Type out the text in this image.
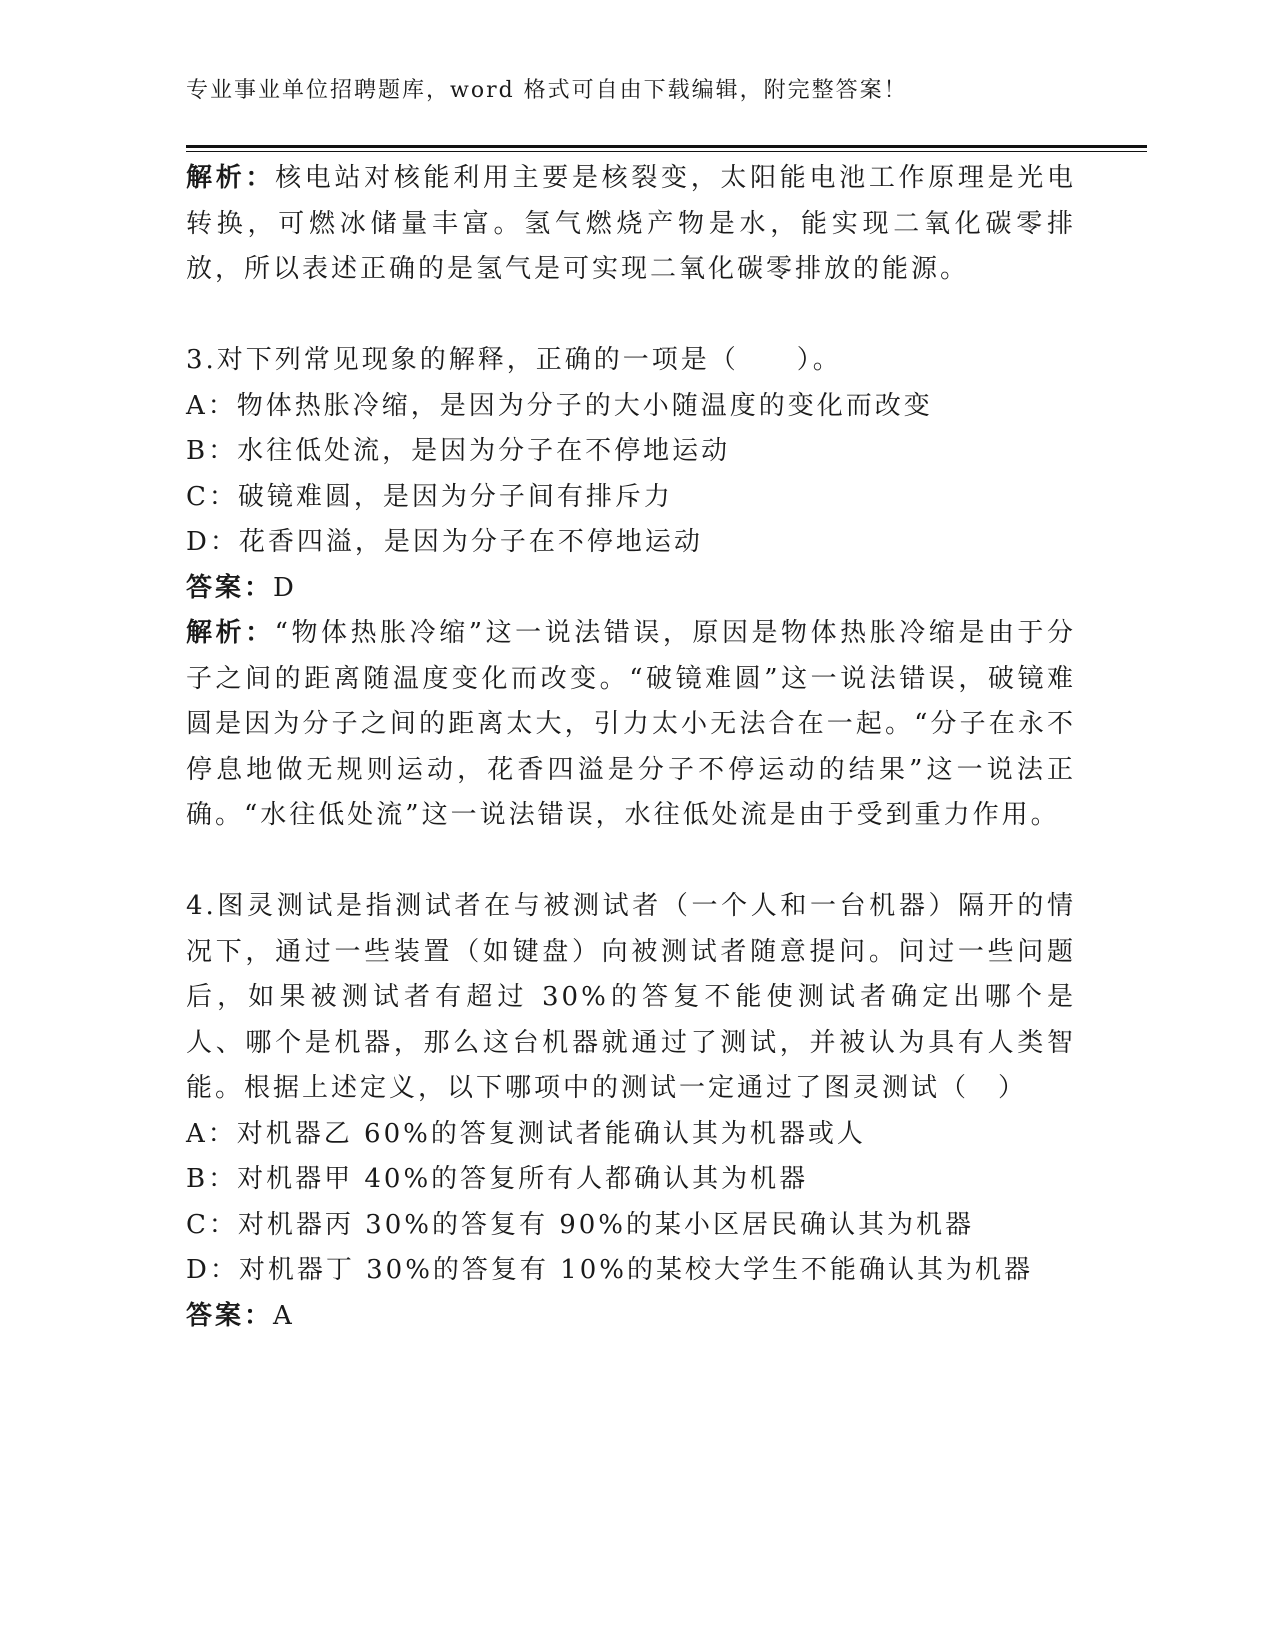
专业事业单位招聘题库，word 格式可自由下载编辑，附完整答案！

解析：核电站对核能利用主要是核裂变，太阳能电池工作原理是光电转换，可燃冰储量丰富。氢气燃烧产物是水，能实现二氧化碳零排放，所以表述正确的是氢气是可实现二氧化碳零排放的能源。

3.对下列常见现象的解释，正确的一项是（　　）。
A：物体热胀冷缩，是因为分子的大小随温度的变化而改变
B：水往低处流，是因为分子在不停地运动
C：破镜难圆，是因为分子间有排斥力
D：花香四溢，是因为分子在不停地运动
答案：D

解析：“物体热胀冷缩”这一说法错误，原因是物体热胀冷缩是由于分子之间的距离随温度变化而改变。“破镜难圆”这一说法错误，破镜难圆是因为分子之间的距离太大，引力太小无法合在一起。“分子在永不停息地做无规则运动，花香四溢是分子不停运动的结果”这一说法正确。“水往低处流”这一说法错误，水往低处流是由于受到重力作用。

4.图灵测试是指测试者在与被测试者（一个人和一台机器）隔开的情况下，通过一些装置（如键盘）向被测试者随意提问。问过一些问题后，如果被测试者有超过 30%的答复不能使测试者确定出哪个是人、哪个是机器，那么这台机器就通过了测试，并被认为具有人类智能。根据上述定义，以下哪项中的测试一定通过了图灵测试（　）

A：对机器乙 60%的答复测试者能确认其为机器或人
B：对机器甲 40%的答复所有人都确认其为机器
C：对机器丙 30%的答复有 90%的某小区居民确认其为机器
D：对机器丁 30%的答复有 10%的某校大学生不能确认其为机器
答案：A
